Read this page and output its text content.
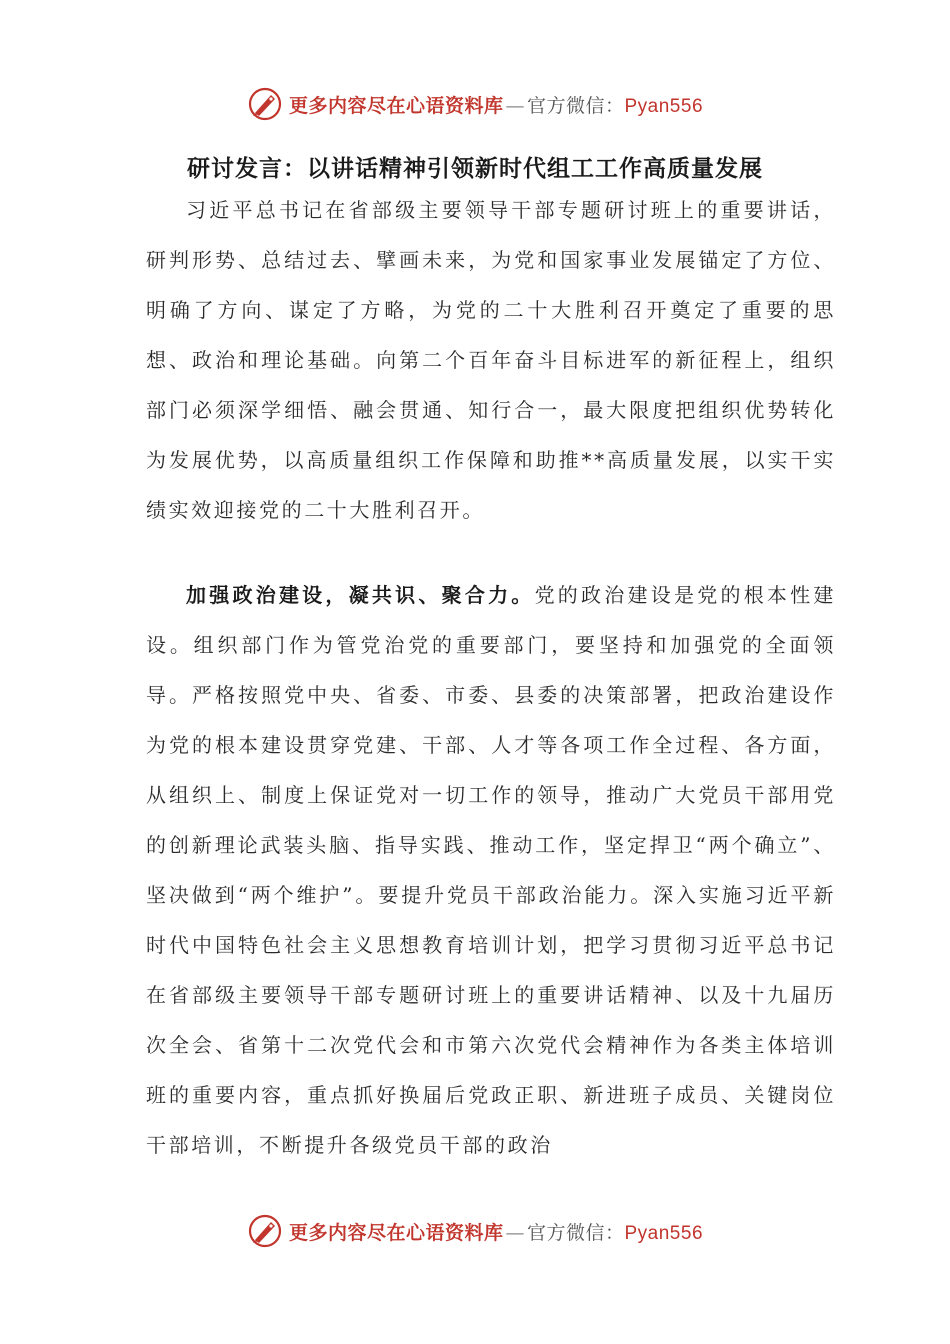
更多内容尽在心语资料库 — 官方微信： Pyan556
研讨发言：以讲话精神引领新时代组工工作高质量发展

习近平总书记在省部级主要领导干部专题研讨班上的重要讲话，研判形势、总结过去、擘画未来，为党和国家事业发展锚定了方位、明确了方向、谋定了方略，为党的二十大胜利召开奠定了重要的思想、政治和理论基础。向第二个百年奋斗目标进军的新征程上，组织部门必须深学细悟、融会贯通、知行合一，最大限度把组织优势转化为发展优势，以高质量组织工作保障和助推**高质量发展，以实干实绩实效迎接党的二十大胜利召开。

加强政治建设，凝共识、聚合力。党的政治建设是党的根本性建设。组织部门作为管党治党的重要部门，要坚持和加强党的全面领导。严格按照党中央、省委、市委、县委的决策部署，把政治建设作为党的根本建设贯穿党建、干部、人才等各项工作全过程、各方面，从组织上、制度上保证党对一切工作的领导，推动广大党员干部用党的创新理论武装头脑、指导实践、推动工作，坚定捍卫“两个确立”、坚决做到“两个维护”。要提升党员干部政治能力。深入实施习近平新时代中国特色社会主义思想教育培训计划，把学习贯彻习近平总书记在省部级主要领导干部专题研讨班上的重要讲话精神、以及十九届历次全会、省第十二次党代会和市第六次党代会精神作为各类主体培训班的重要内容，重点抓好换届后党政正职、新进班子成员、关键岗位干部培训，不断提升各级党员干部的政治

更多内容尽在心语资料库 — 官方微信： Pyan556
